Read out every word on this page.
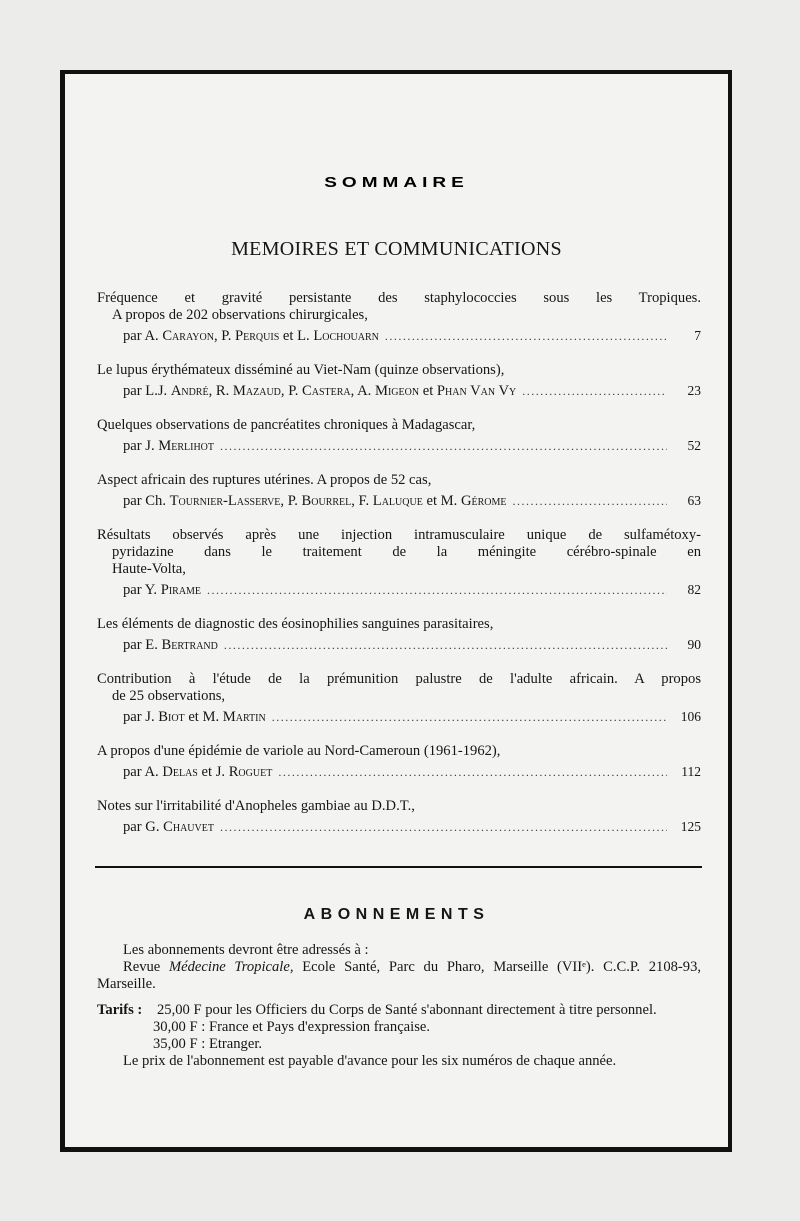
SOMMAIRE
MEMOIRES ET COMMUNICATIONS
Fréquence et gravité persistante des staphylococcies sous les Tropiques.
A propos de 202 observations chirurgicales,
par A. Carayon, P. Perquis et L. Lochouarn .....	7
Le lupus érythémateux disséminé au Viet-Nam (quinze observations),
par L.J. André, R. Mazaud, P. Castera, A. Migeon et Phan Van Vy .....	23
Quelques observations de pancréatites chroniques à Madagascar,
par J. Merlihot .....	52
Aspect africain des ruptures utérines. A propos de 52 cas,
par Ch. Tournier-Lasserve, P. Bourrel, F. Laluque et M. Gérome .....	63
Résultats observés après une injection intramusculaire unique de sulfamétoxy-
pyridazine dans le traitement de la méningite cérébro-spinale en
Haute-Volta,
par Y. Pirame .....	82
Les éléments de diagnostic des éosinophilies sanguines parasitaires,
par E. Bertrand .....	90
Contribution à l'étude de la prémunition palustre de l'adulte africain. A propos
de 25 observations,
par J. Biot et M. Martin .....	106
A propos d'une épidémie de variole au Nord-Cameroun (1961-1962),
par A. Delas et J. Roguet .....	112
Notes sur l'irritabilité d'Anopheles gambiae au D.D.T.,
par G. Chauvet .....	125
ABONNEMENTS

Les abonnements devront être adressés à :

Revue Médecine Tropicale, Ecole Santé, Parc du Pharo, Marseille (VIIᵉ). C.C.P. 2108-93, Marseille.

Tarifs :	25,00 F pour les Officiers du Corps de Santé s'abonnant directement à titre personnel.

30,00 F : France et Pays d'expression française.

35,00 F : Etranger.

Le prix de l'abonnement est payable d'avance pour les six numéros de chaque année.
